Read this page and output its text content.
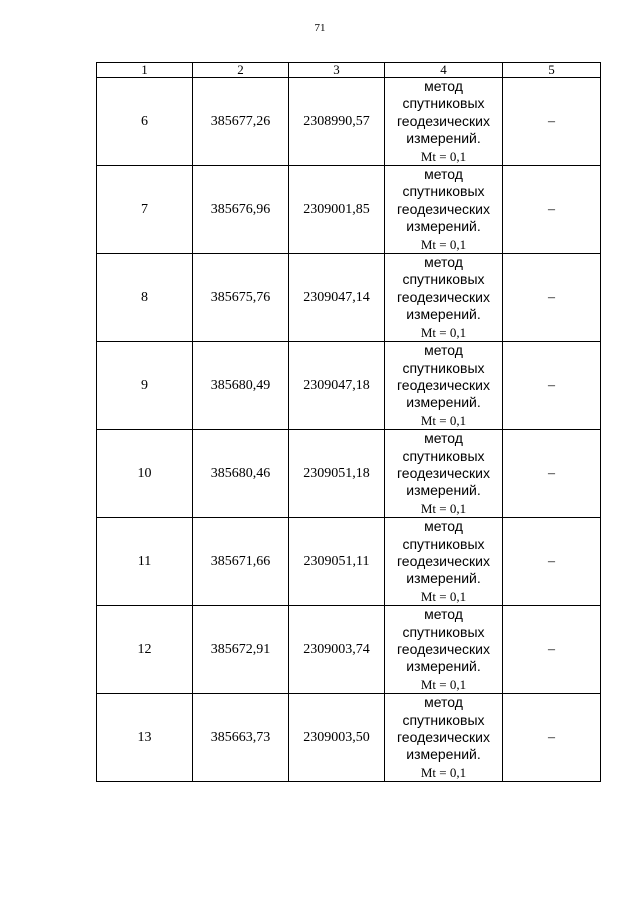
71
1	2	3	4	5
6	385677,26	2308990,57	метод
спутниковых
геодезических
измерений.
Mt = 0,1	–
7	385676,96	2309001,85	метод
спутниковых
геодезических
измерений.
Mt = 0,1	–
8	385675,76	2309047,14	метод
спутниковых
геодезических
измерений.
Mt = 0,1	–
9	385680,49	2309047,18	метод
спутниковых
геодезических
измерений.
Mt = 0,1	–
10	385680,46	2309051,18	метод
спутниковых
геодезических
измерений.
Mt = 0,1	–
11	385671,66	2309051,11	метод
спутниковых
геодезических
измерений.
Mt = 0,1	–
12	385672,91	2309003,74	метод
спутниковых
геодезических
измерений.
Mt = 0,1	–
13	385663,73	2309003,50	метод
спутниковых
геодезических
измерений.
Mt = 0,1	–
